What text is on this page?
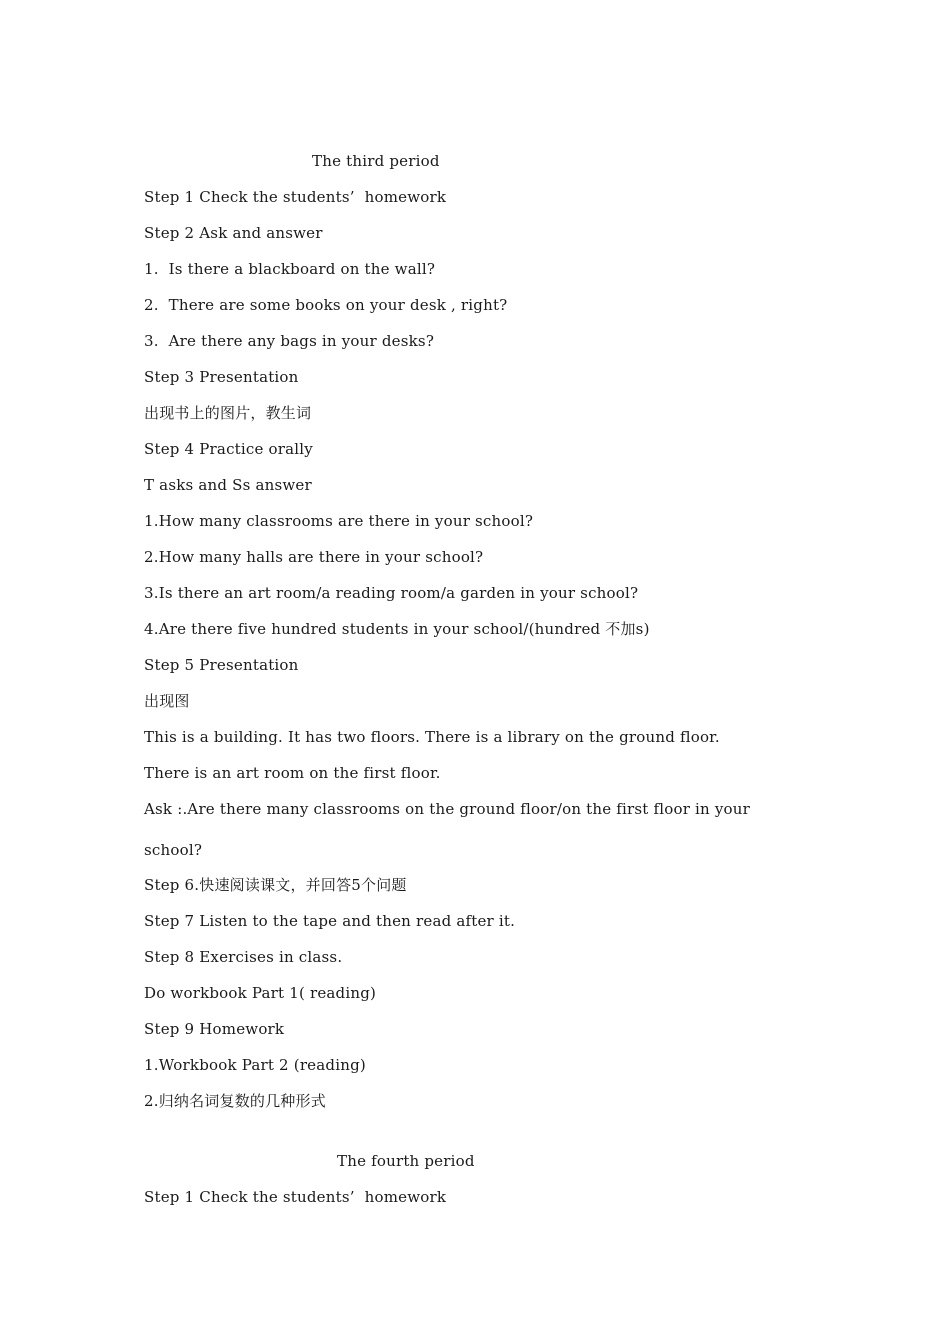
The third period
Step 1 Check the students’  homework
Step 2 Ask and answer
1.  Is there a blackboard on the wall?
2.  There are some books on your desk , right?
3.  Are there any bags in your desks?
Step 3 Presentation
出现书上的图片，教生词
Step 4 Practice orally
T asks and Ss answer
1.How many classrooms are there in your school?
2.How many halls are there in your school?
3.Is there an art room/a reading room/a garden in your school?
4.Are there five hundred students in your school/(hundred 不加s)
Step 5 Presentation
出现图
This is a building. It has two floors. There is a library on the ground floor.
There is an art room on the first floor.
Ask :.Are there many classrooms on the ground floor/on the first floor in your
school?
Step 6.快速阅读课文，并回答5个问题
Step 7 Listen to the tape and then read after it.
Step 8 Exercises in class.
Do workbook Part 1( reading)
Step 9 Homework
1.Workbook Part 2 (reading)
2.归纳名词复数的几种形式
The fourth period
Step 1 Check the students’  homework
